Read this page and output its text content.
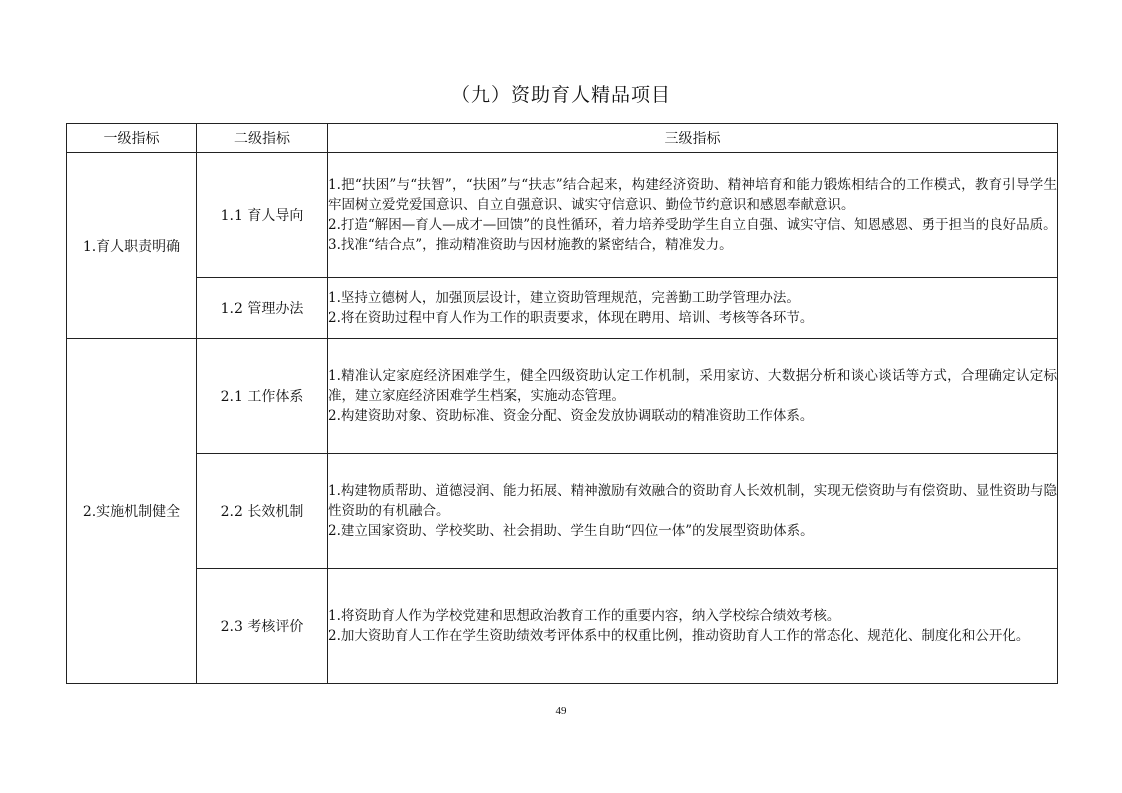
（九）资助育人精品项目
一级指标	二级指标	三级指标
1.育人职责明确	1.1 育人导向	1.把“扶困”与“扶智”，“扶困”与“扶志”结合起来，构建经济资助、精神培育和能力锻炼相结合的工作模式，教育引导学生牢固树立爱党爱国意识、自立自强意识、诚实守信意识、勤俭节约意识和感恩奉献意识。
2.打造“解困—育人—成才—回馈”的良性循环，着力培养受助学生自立自强、诚实守信、知恩感恩、勇于担当的良好品质。
3.找准“结合点”，推动精准资助与因材施教的紧密结合，精准发力。

	1.2 管理办法	1.坚持立德树人，加强顶层设计，建立资助管理规范，完善勤工助学管理办法。
2.将在资助过程中育人作为工作的职责要求，体现在聘用、培训、考核等各环节。

2.实施机制健全	2.1 工作体系	1.精准认定家庭经济困难学生，健全四级资助认定工作机制，采用家访、大数据分析和谈心谈话等方式，合理确定认定标准，建立家庭经济困难学生档案，实施动态管理。
2.构建资助对象、资助标准、资金分配、资金发放协调联动的精准资助工作体系。

	2.2 长效机制	1.构建物质帮助、道德浸润、能力拓展、精神激励有效融合的资助育人长效机制，实现无偿资助与有偿资助、显性资助与隐性资助的有机融合。
2.建立国家资助、学校奖助、社会捐助、学生自助“四位一体”的发展型资助体系。

	2.3 考核评价	1.将资助育人作为学校党建和思想政治教育工作的重要内容，纳入学校综合绩效考核。
2.加大资助育人工作在学生资助绩效考评体系中的权重比例，推动资助育人工作的常态化、规范化、制度化和公开化。
49
